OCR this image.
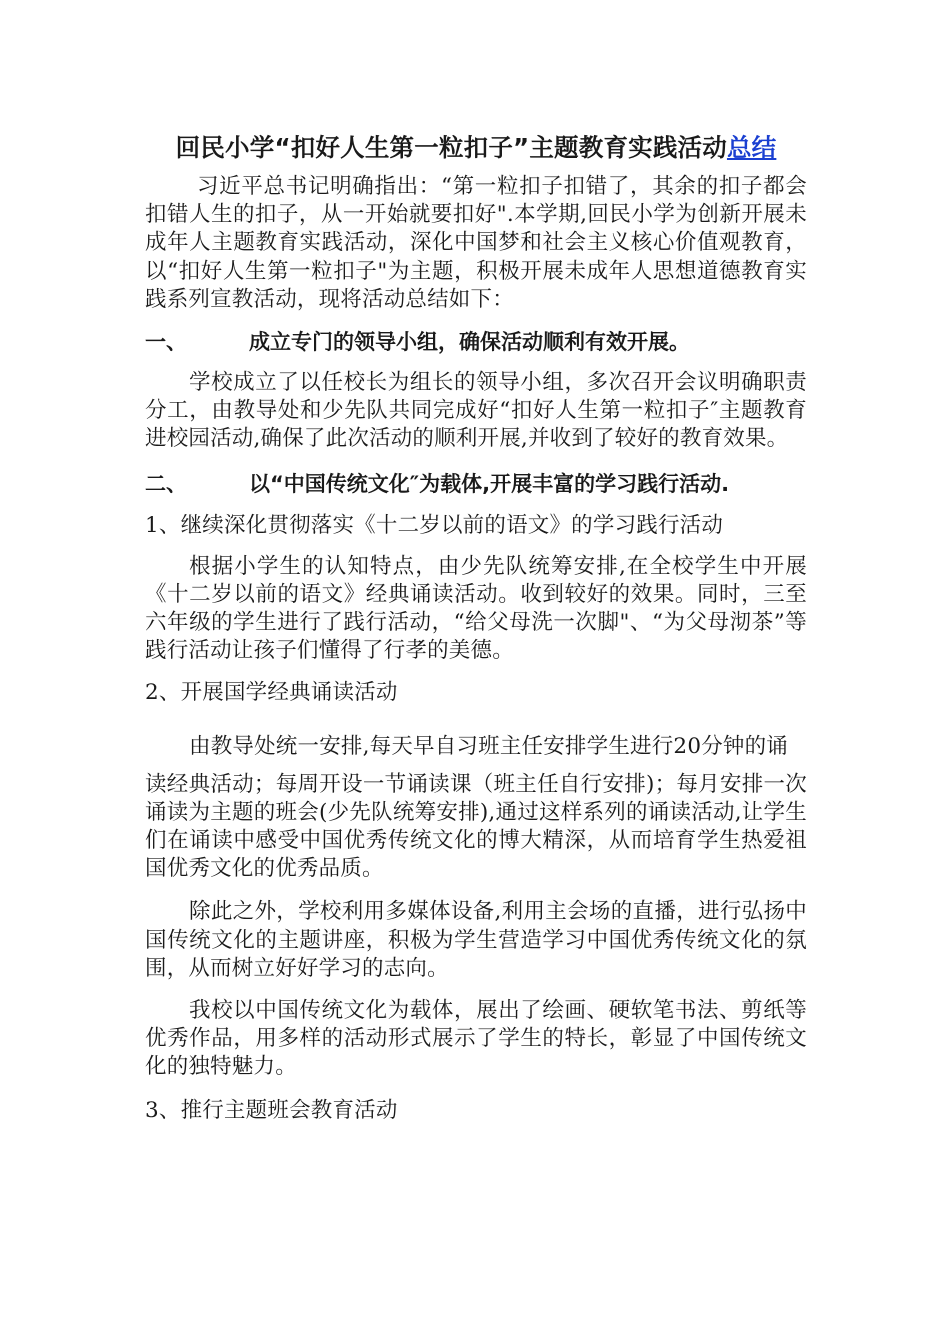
回民小学“扣好人生第一粒扣子”主题教育实践活动总结

习近平总书记明确指出：“第一粒扣子扣错了，其余的扣子都会扣错人生的扣子，从一开始就要扣好".本学期,回民小学为创新开展未成年人主题教育实践活动，深化中国梦和社会主义核心价值观教育，以“扣好人生第一粒扣子"为主题，积极开展未成年人思想道德教育实践系列宣教活动，现将活动总结如下：

一、	成立专门的领导小组，确保活动顺利有效开展。

学校成立了以任校长为组长的领导小组，多次召开会议明确职责分工，由教导处和少先队共同完成好“扣好人生第一粒扣子″主题教育进校园活动,确保了此次活动的顺利开展,并收到了较好的教育效果。

二、	以“中国传统文化″为载体,开展丰富的学习践行活动.

1、继续深化贯彻落实《十二岁以前的语文》的学习践行活动

根据小学生的认知特点，由少先队统筹安排,在全校学生中开展《十二岁以前的语文》经典诵读活动。收到较好的效果。同时，三至六年级的学生进行了践行活动，“给父母洗一次脚"、“为父母沏茶”等践行活动让孩子们懂得了行孝的美德。

2、开展国学经典诵读活动

由教导处统一安排,每天早自习班主任安排学生进行20分钟的诵

读经典活动；每周开设一节诵读课（班主任自行安排)；每月安排一次诵读为主题的班会(少先队统筹安排),通过这样系列的诵读活动,让学生们在诵读中感受中国优秀传统文化的博大精深，从而培育学生热爱祖国优秀文化的优秀品质。

除此之外，学校利用多媒体设备,利用主会场的直播，进行弘扬中国传统文化的主题讲座，积极为学生营造学习中国优秀传统文化的氛围，从而树立好好学习的志向。

我校以中国传统文化为载体，展出了绘画、硬软笔书法、剪纸等优秀作品，用多样的活动形式展示了学生的特长，彰显了中国传统文化的独特魅力。

3、推行主题班会教育活动
